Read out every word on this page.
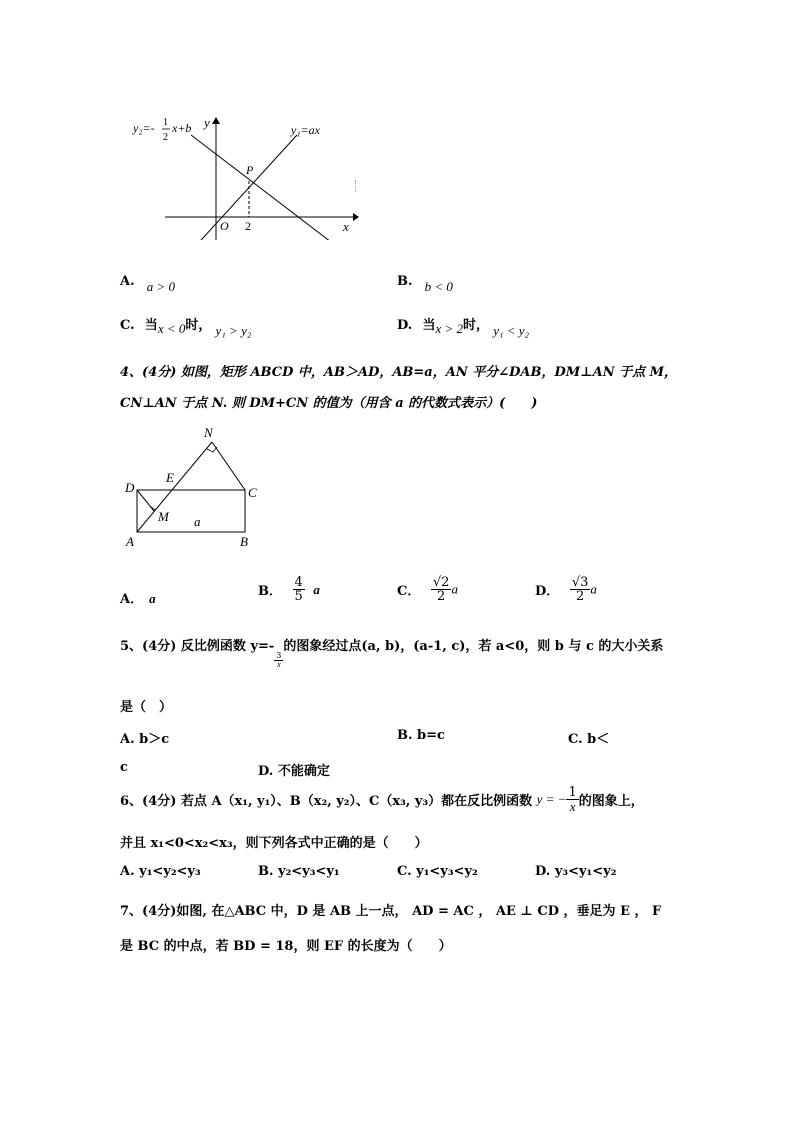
y₂=- 1
2
x+b	y₁=ax
y
x
O
P
2
A. a > 0	B. b < 0
C. 当x < 0时， y₁ > y₂	D. 当x > 2时， y₁ < y₂
4、(4分) 如图，矩形 ABCD 中，AB＞AD，AB=a，AN 平分∠DAB，DM⊥AN 于点 M，
CN⊥AN 于点 N. 则 DM+CN 的值为（用含 a 的代数式表示）(　　)
N
E
D	C
M a
A	B
A． a	B． $\frac{4}{5}$ a	C． $\frac{√2}{2}$ a	D． $\frac{√3}{2}$ a
5、(4分) 反比例函数 y=-
$\frac{3}{x}$
的图象经过点(a, b)，(a-1, c)，若 a<0，则 b 与 c 的大小关系
是（　）
A. b＞c	B. b=c	C. b＜
c	D. 不能确定
6、(4分) 若点 A（x₁, y₁）、B（x₂, y₂）、C（x₃, y₃）都在反比例函数 y = − $\frac{1}{x}$ 的图象上，
并且 x₁<0<x₂<x₃，则下列各式中正确的是（　　）
A. y₁<y₂<y₃	B. y₂<y₃<y₁	C. y₁<y₃<y₂	D. y₃<y₁<y₂
7、(4分)如图, 在△ABC 中，D 是 AB 上一点， AD = AC ， AE ⊥ CD ，垂足为 E ， F
是 BC 的中点，若 BD = 18，则 EF 的长度为（　　）
